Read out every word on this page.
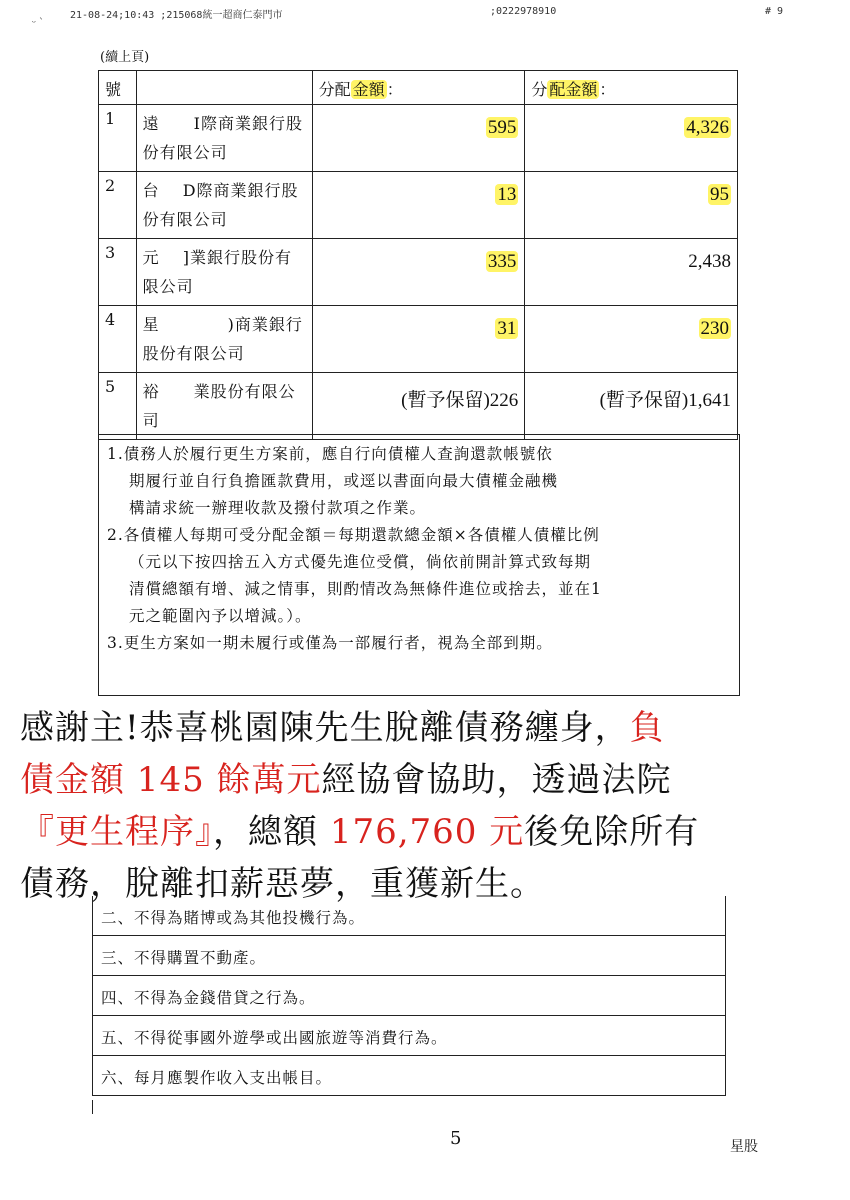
21-08-24;10:43 ;215068統一超商仁泰門市	;0222978910	# 9
ᵕ ˋ
(續上頁)
號		分配 金額 ：	分 配金額 ：
1	遠　　I際商業銀行股份有限公司	595	4,326
2	台　 D際商業銀行股份有限公司	13	95
3	元　 ]業銀行股份有限公司	335	2,438
4	星　　　　)商業銀行股份有限公司	31	230
5	裕　　業股份有限公司	(暫予保留)226	(暫予保留)1,641

1.債務人於履行更生方案前，應自行向債權人查詢還款帳號依

期履行並自行負擔匯款費用，或逕以書面向最大債權金融機

構請求統一辦理收款及撥付款項之作業。

2.各債權人每期可受分配金額＝每期還款總金額×各債權人債權比例

（元以下按四捨五入方式優先進位受償，倘依前開計算式致每期

清償總額有增、減之情事，則酌情改為無條件進位或捨去，並在1

元之範圍內予以增減。）。

3.更生方案如一期未履行或僅為一部履行者，視為全部到期。

感謝主!恭喜桃園陳先生脫離債務纏身，負

債金額 145 餘萬元經協會協助，透過法院

『更生程序』，總額 176,760 元後免除所有

債務，脫離扣薪惡夢，重獲新生。

二、不得為賭博或為其他投機行為。
三、不得購置不動產。
四、不得為金錢借貸之行為。
五、不得從事國外遊學或出國旅遊等消費行為。
六、每月應製作收入支出帳目。
5	星股
